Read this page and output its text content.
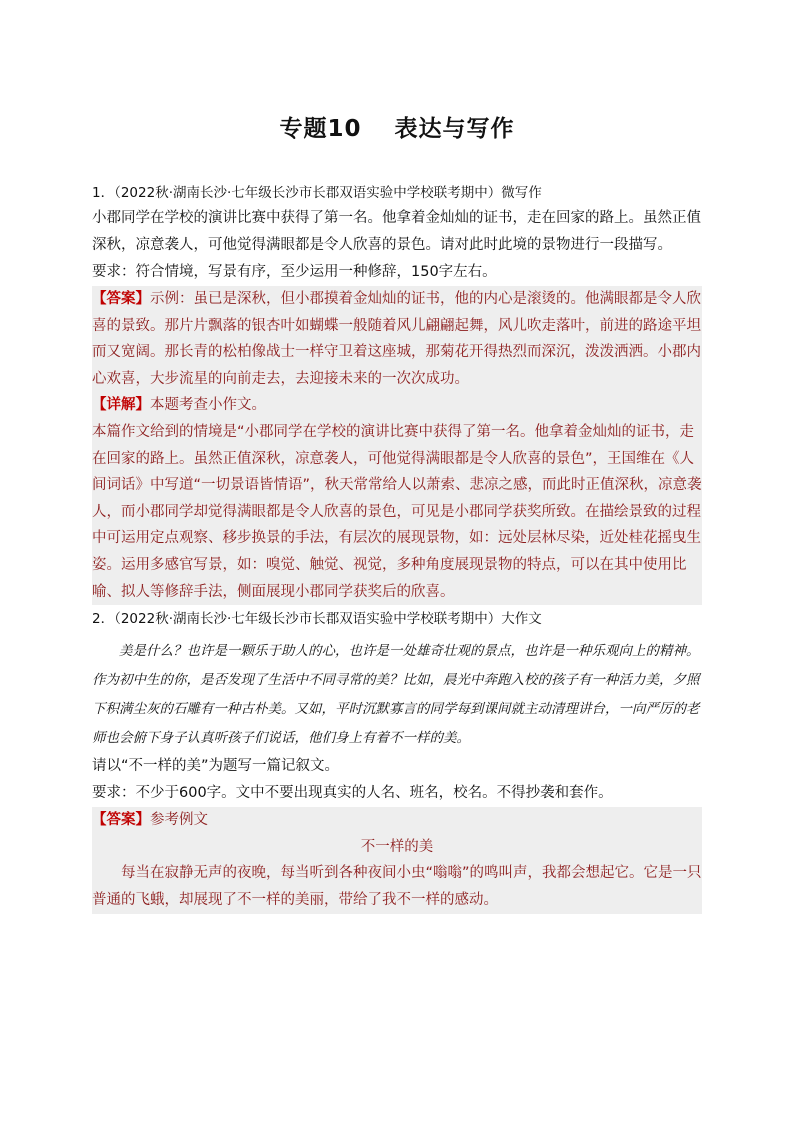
专题10　 表达与写作
1．（2022秋·湖南长沙·七年级长沙市长郡双语实验中学校联考期中）微写作

小郡同学在学校的演讲比赛中获得了第一名。他拿着金灿灿的证书，走在回家的路上。虽然正值深秋，凉意袭人，可他觉得满眼都是令人欣喜的景色。请对此时此境的景物进行一段描写。

要求：符合情境，写景有序，至少运用一种修辞，150字左右。

【答案】示例：虽已是深秋，但小郡摸着金灿灿的证书，他的内心是滚烫的。他满眼都是令人欣喜的景致。那片片飘落的银杏叶如蝴蝶一般随着风儿翩翩起舞，风儿吹走落叶，前进的路途平坦而又宽阔。那长青的松柏像战士一样守卫着这座城，那菊花开得热烈而深沉，泼泼洒洒。小郡内心欢喜，大步流星的向前走去，去迎接未来的一次次成功。

【详解】本题考查小作文。

本篇作文给到的情境是“小郡同学在学校的演讲比赛中获得了第一名。他拿着金灿灿的证书，走在回家的路上。虽然正值深秋，凉意袭人，可他觉得满眼都是令人欣喜的景色”，王国维在《人间词话》中写道“一切景语皆情语”，秋天常常给人以萧索、悲凉之感，而此时正值深秋，凉意袭人，而小郡同学却觉得满眼都是令人欣喜的景色，可见是小郡同学获奖所致。在描绘景致的过程中可运用定点观察、移步换景的手法，有层次的展现景物，如：远处层林尽染，近处桂花摇曳生姿。运用多感官写景，如：嗅觉、触觉、视觉，多种角度展现景物的特点，可以在其中使用比喻、拟人等修辞手法，侧面展现小郡同学获奖后的欣喜。

2．（2022秋·湖南长沙·七年级长沙市长郡双语实验中学校联考期中）大作文

美是什么？也许是一颗乐于助人的心，也许是一处雄奇壮观的景点，也许是一种乐观向上的精神。作为初中生的你，是否发现了生活中不同寻常的美？比如，晨光中奔跑入校的孩子有一种活力美，夕照下积满尘灰的石雕有一种古朴美。又如，平时沉默寡言的同学每到课间就主动清理讲台，一向严厉的老师也会俯下身子认真听孩子们说话，他们身上有着不一样的美。

请以“不一样的美”为题写一篇记叙文。

要求：不少于600字。文中不要出现真实的人名、班名，校名。不得抄袭和套作。

【答案】参考例文

不一样的美

每当在寂静无声的夜晚，每当听到各种夜间小虫“嗡嗡”的鸣叫声，我都会想起它。它是一只普通的飞蛾，却展现了不一样的美丽，带给了我不一样的感动。
